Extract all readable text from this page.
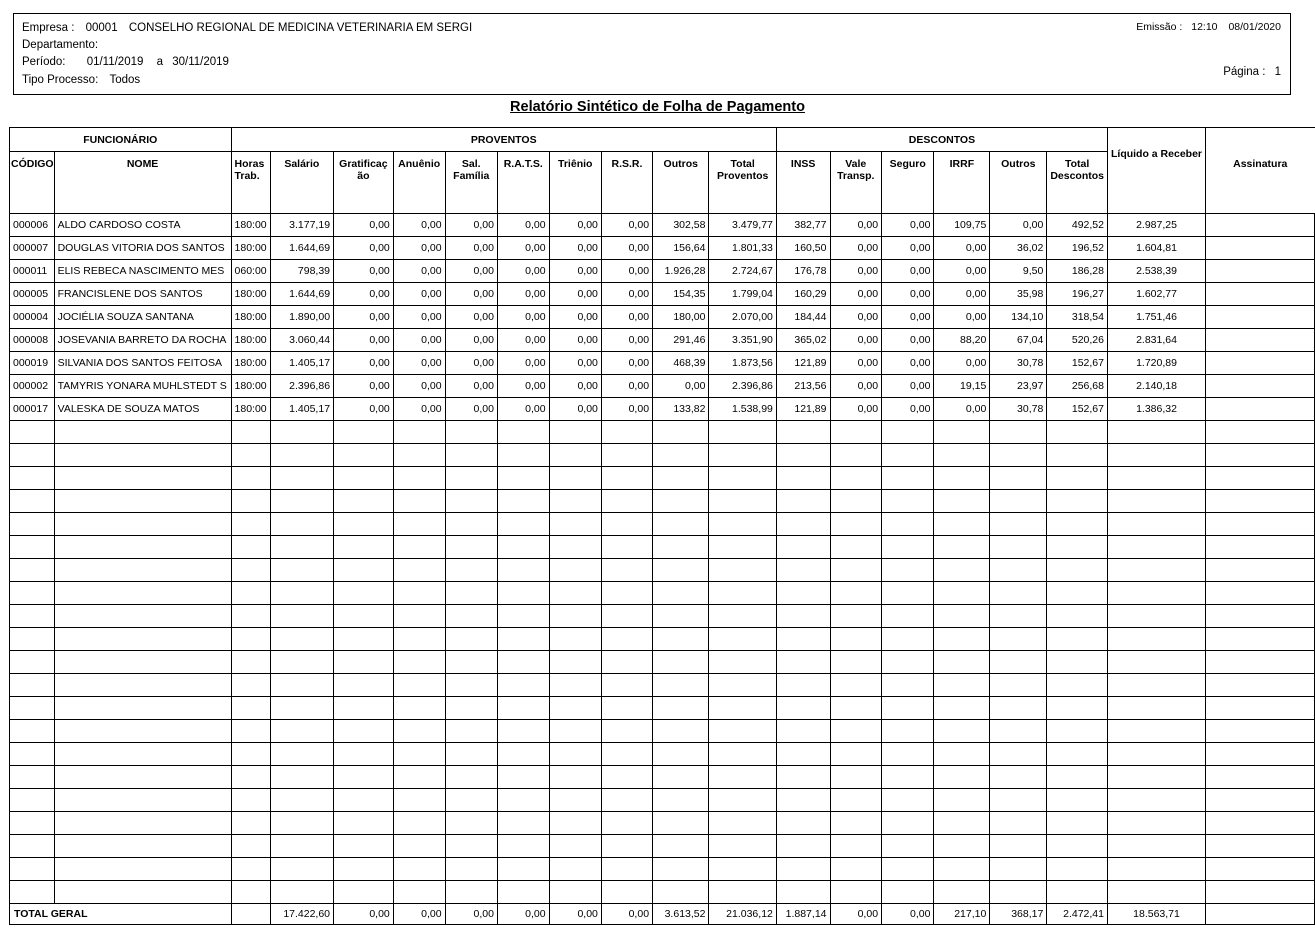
Empresa : 00001 CONSELHO REGIONAL DE MEDICINA VETERINARIA EM SERGI
Departamento:
Período: 01/11/2019 a 30/11/2019
Tipo Processo: Todos
Emissão : 12:10 08/01/2020
Página : 1
Relatório Sintético de Folha de Pagamento
FUNCIONÁRIO		PROVENTOS										DESCONTOS						Líquido a Receber	Assinatura
CÓDIGO	NOME	Horas Trab.	Salário	Gratificaç ão	Anuênio	Sal. Família	R.A.T.S.	Triênio	R.S.R.	Outros	Total Proventos	INSS	Vale Transp.	Seguro	IRRF	Outros	Total Descontos		
000006	ALDO CARDOSO COSTA	180:00	3.177,19	0,00	0,00	0,00	0,00	0,00	0,00	302,58	3.479,77	382,77	0,00	0,00	109,75	0,00	492,52	2.987,25	
000007	DOUGLAS VITORIA DOS SANTOS	180:00	1.644,69	0,00	0,00	0,00	0,00	0,00	0,00	156,64	1.801,33	160,50	0,00	0,00	0,00	36,02	196,52	1.604,81	
000011	ELIS REBECA NASCIMENTO MES	060:00	798,39	0,00	0,00	0,00	0,00	0,00	0,00	1.926,28	2.724,67	176,78	0,00	0,00	0,00	9,50	186,28	2.538,39	
000005	FRANCISLENE DOS SANTOS	180:00	1.644,69	0,00	0,00	0,00	0,00	0,00	0,00	154,35	1.799,04	160,29	0,00	0,00	0,00	35,98	196,27	1.602,77	
000004	JOCIÉLIA SOUZA SANTANA	180:00	1.890,00	0,00	0,00	0,00	0,00	0,00	0,00	180,00	2.070,00	184,44	0,00	0,00	0,00	134,10	318,54	1.751,46	
000008	JOSEVANIA BARRETO DA ROCHA	180:00	3.060,44	0,00	0,00	0,00	0,00	0,00	0,00	291,46	3.351,90	365,02	0,00	0,00	88,20	67,04	520,26	2.831,64	
000019	SILVANIA DOS SANTOS FEITOSA	180:00	1.405,17	0,00	0,00	0,00	0,00	0,00	0,00	468,39	1.873,56	121,89	0,00	0,00	0,00	30,78	152,67	1.720,89	
000002	TAMYRIS YONARA MUHLSTEDT S	180:00	2.396,86	0,00	0,00	0,00	0,00	0,00	0,00	0,00	2.396,86	213,56	0,00	0,00	19,15	23,97	256,68	2.140,18	
000017	VALESKA DE SOUZA MATOS	180:00	1.405,17	0,00	0,00	0,00	0,00	0,00	0,00	133,82	1.538,99	121,89	0,00	0,00	0,00	30,78	152,67	1.386,32	

TOTAL GERAL			17.422,60	0,00	0,00	0,00	0,00	0,00	0,00	3.613,52	21.036,12	1.887,14	0,00	0,00	217,10	368,17	2.472,41	18.563,71	
